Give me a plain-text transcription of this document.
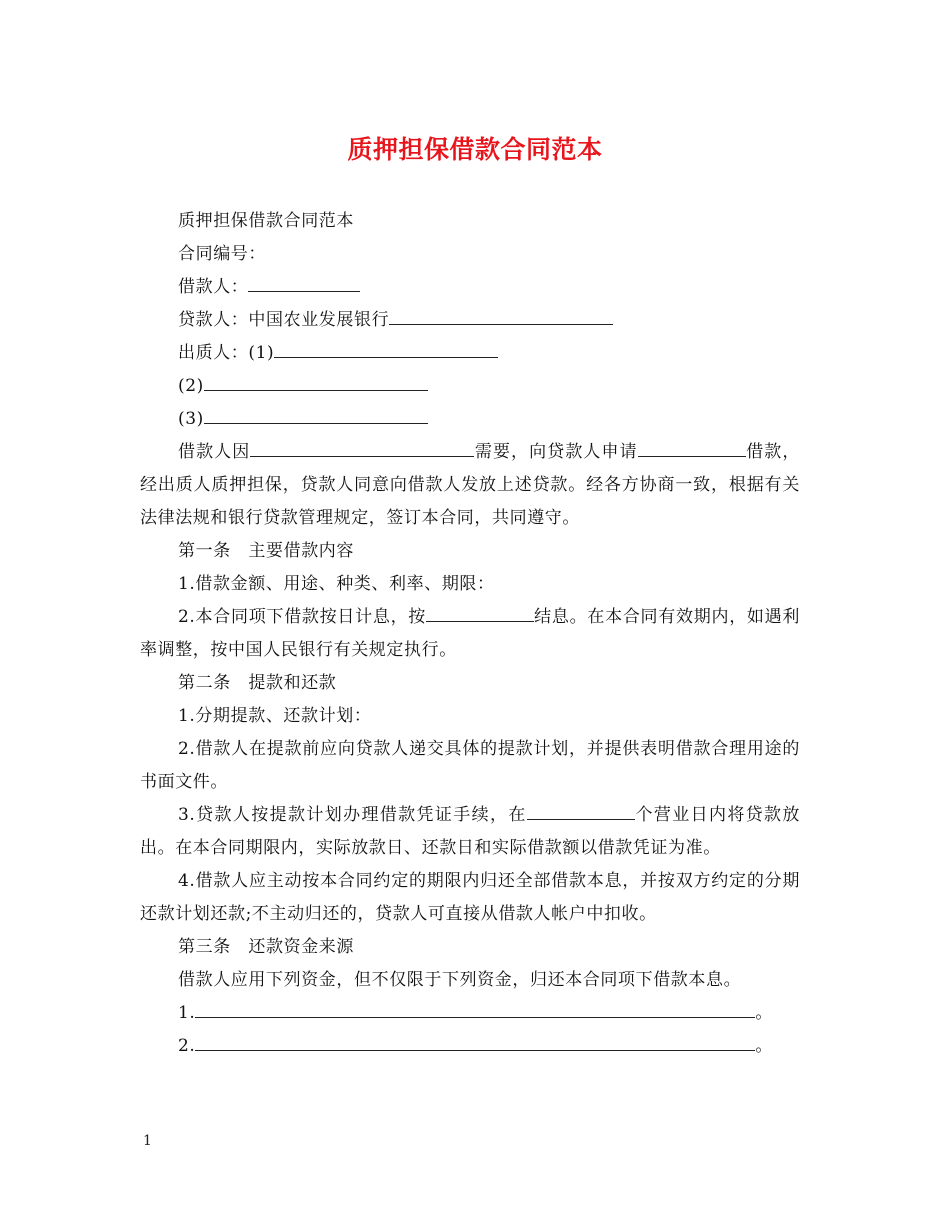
质押担保借款合同范本

质押担保借款合同范本

合同编号：

借款人：

贷款人：中国农业发展银行

出质人：(1)

(2)

(3)

借款人因	需要，向贷款人申请	借款，经出质人质押担保，贷款人同意向借款人发放上述贷款。经各方协商一致，根据有关法律法规和银行贷款管理规定，签订本合同，共同遵守。

第一条　主要借款内容

1.借款金额、用途、种类、利率、期限：

2.本合同项下借款按日计息，按	结息。在本合同有效期内，如遇利率调整，按中国人民银行有关规定执行。

第二条　提款和还款

1.分期提款、还款计划：

2.借款人在提款前应向贷款人递交具体的提款计划，并提供表明借款合理用途的书面文件。

3.贷款人按提款计划办理借款凭证手续，在	个营业日内将贷款放出。在本合同期限内，实际放款日、还款日和实际借款额以借款凭证为准。

4.借款人应主动按本合同约定的期限内归还全部借款本息，并按双方约定的分期还款计划还款;不主动归还的，贷款人可直接从借款人帐户中扣收。

第三条　还款资金来源

借款人应用下列资金，但不仅限于下列资金，归还本合同项下借款本息。

1.	。

2.	。

1
